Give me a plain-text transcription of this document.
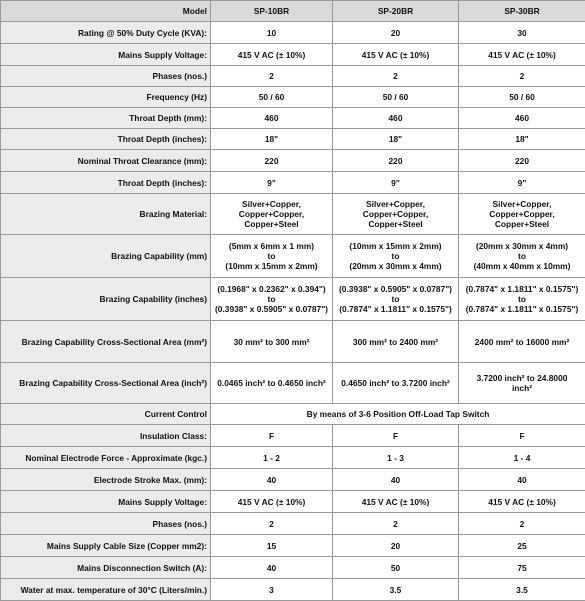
Model	SP-10BR	SP-20BR	SP-30BR
Rating @ 50% Duty Cycle (KVA):	10	20	30
Mains Supply Voltage:	415 V AC (± 10%)	415 V AC (± 10%)	415 V AC (± 10%)
Phases (nos.)	2	2	2
Frequency (Hz)	50 / 60	50 / 60	50 / 60
Throat Depth (mm):	460	460	460
Throat Depth (inches):	18"	18"	18"
Nominal Throat Clearance (mm):	220	220	220
Throat Depth (inches):	9"	9"	9"
Brazing Material:	Silver+Copper,
Copper+Copper,
Copper+Steel	Silver+Copper,
Copper+Copper,
Copper+Steel	Silver+Copper,
Copper+Copper,
Copper+Steel

Brazing Capability (mm)	(5mm x 6mm x 1 mm)
to
(10mm x 15mm x 2mm)	(10mm x 15mm x 2mm)
to
(20mm x 30mm x 4mm)	(20mm x 30mm x 4mm)
to
(40mm x 40mm x 10mm)

Brazing Capability (inches)	(0.1968" x 0.2362" x 0.394")
to
(0.3938" x 0.5905" x 0.0787")	(0.3938" x 0.5905" x 0.0787")
to
(0.7874" x 1.1811" x 0.1575")	(0.7874" x 1.1811" x 0.1575")
to
(0.7874" x 1.1811" x 0.1575")

Brazing Capability Cross-Sectional Area (mm²)	30 mm² to 300 mm²	300 mm² to 2400 mm²	2400 mm² to 16000 mm²
Brazing Capability Cross-Sectional Area (inch²)	0.0465 inch² to 0.4650 inch²	0.4650 inch² to 3.7200 inch²	3.7200 inch² to 24.8000
inch²

Current Control	By means of 3-6 Position Off-Load Tap Switch		
Insulation Class:	F	F	F
Nominal Electrode Force - Approximate (kgc.)	1 - 2	1 - 3	1 - 4
Electrode Stroke Max. (mm):	40	40	40
Mains Supply Voltage:	415 V AC (± 10%)	415 V AC (± 10%)	415 V AC (± 10%)
Phases (nos.)	2	2	2
Mains Supply Cable Size (Copper mm2):	15	20	25
Mains Disconnection Switch (A):	40	50	75
Water at max. temperature of 30°C (Liters/min.)	3	3.5	3.5
